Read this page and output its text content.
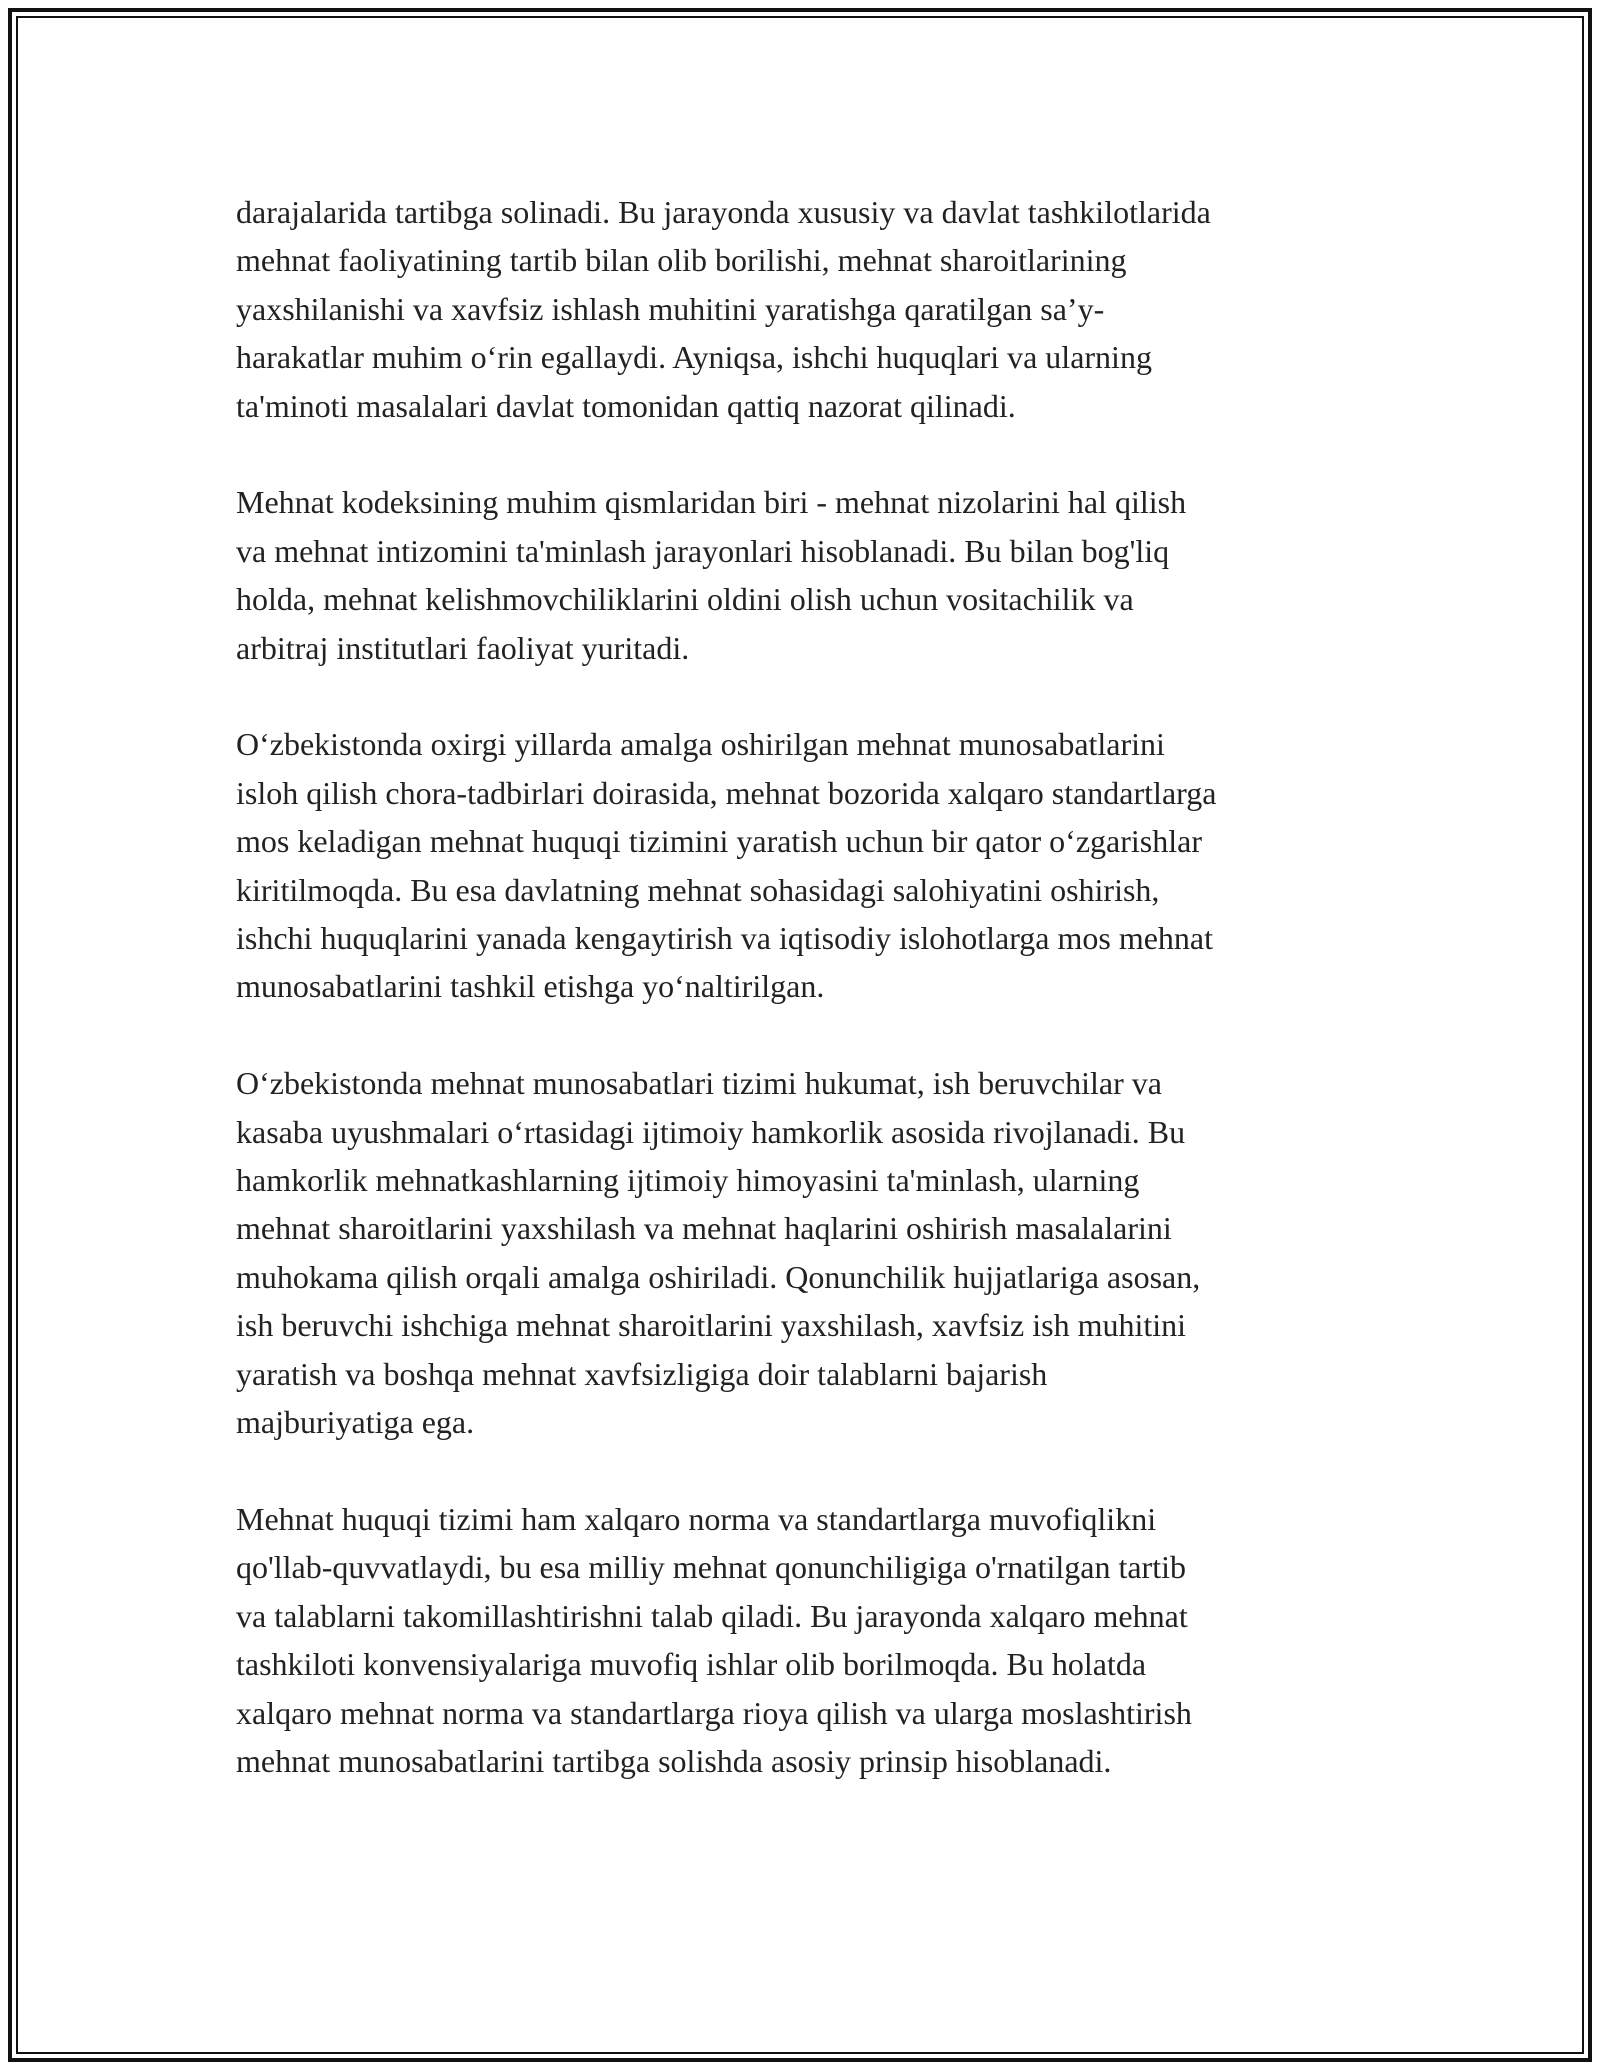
darajalarida tartibga solinadi. Bu jarayonda xususiy va davlat tashkilotlarida
mehnat faoliyatining tartib bilan olib borilishi, mehnat sharoitlarining
yaxshilanishi va xavfsiz ishlash muhitini yaratishga qaratilgan sa’y-
harakatlar muhim o‘rin egallaydi. Ayniqsa, ishchi huquqlari va ularning
ta'minoti masalalari davlat tomonidan qattiq nazorat qilinadi.

Mehnat kodeksining muhim qismlaridan biri - mehnat nizolarini hal qilish
va mehnat intizomini ta'minlash jarayonlari hisoblanadi. Bu bilan bog'liq
holda, mehnat kelishmovchiliklarini oldini olish uchun vositachilik va
arbitraj institutlari faoliyat yuritadi.

O‘zbekistonda oxirgi yillarda amalga oshirilgan mehnat munosabatlarini
isloh qilish chora-tadbirlari doirasida, mehnat bozorida xalqaro standartlarga
mos keladigan mehnat huquqi tizimini yaratish uchun bir qator o‘zgarishlar
kiritilmoqda. Bu esa davlatning mehnat sohasidagi salohiyatini oshirish,
ishchi huquqlarini yanada kengaytirish va iqtisodiy islohotlarga mos mehnat
munosabatlarini tashkil etishga yo‘naltirilgan.

O‘zbekistonda mehnat munosabatlari tizimi hukumat, ish beruvchilar va
kasaba uyushmalari o‘rtasidagi ijtimoiy hamkorlik asosida rivojlanadi. Bu
hamkorlik mehnatkashlarning ijtimoiy himoyasini ta'minlash, ularning
mehnat sharoitlarini yaxshilash va mehnat haqlarini oshirish masalalarini
muhokama qilish orqali amalga oshiriladi. Qonunchilik hujjatlariga asosan,
ish beruvchi ishchiga mehnat sharoitlarini yaxshilash, xavfsiz ish muhitini
yaratish va boshqa mehnat xavfsizligiga doir talablarni bajarish
majburiyatiga ega.

Mehnat huquqi tizimi ham xalqaro norma va standartlarga muvofiqlikni
qo'llab-quvvatlaydi, bu esa milliy mehnat qonunchiligiga o'rnatilgan tartib
va talablarni takomillashtirishni talab qiladi. Bu jarayonda xalqaro mehnat
tashkiloti konvensiyalariga muvofiq ishlar olib borilmoqda. Bu holatda
xalqaro mehnat norma va standartlarga rioya qilish va ularga moslashtirish
mehnat munosabatlarini tartibga solishda asosiy prinsip hisoblanadi.
